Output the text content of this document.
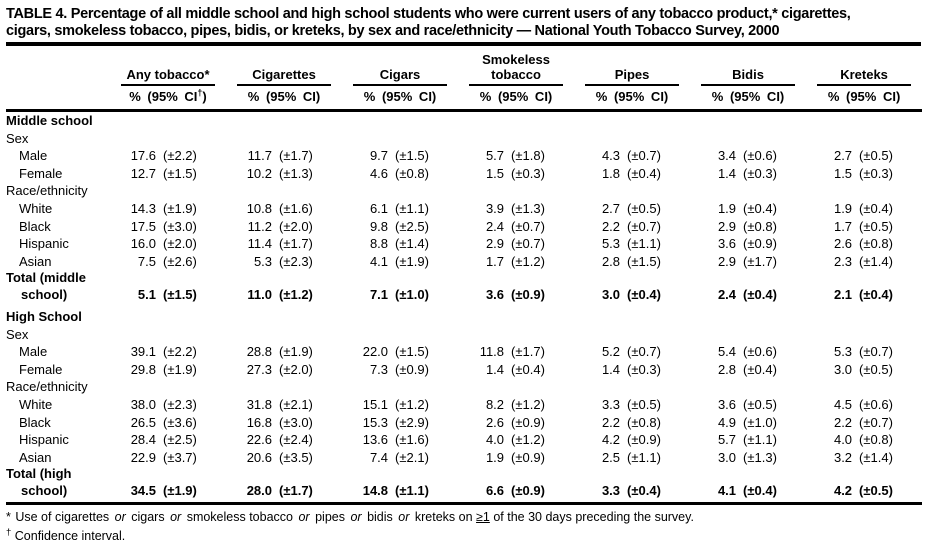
TABLE 4. Percentage of all middle school and high school students who were current users of any tobacco product,* cigarettes,
cigars, smokeless tobacco, pipes, bidis, or kreteks, by sex and race/ethnicity — National Youth Tobacco Survey, 2000

	Any tobacco*		Cigarettes		Cigars		Smokeless
tobacco		Pipes		Bidis		Kreteks	

	% (95% CI†)		% (95% CI)		% (95% CI)		% (95% CI)		% (95% CI)		% (95% CI)		% (95% CI)	
Middle school														
Sex														
Male	17.6	(±2.2)	11.7	(±1.7)	9.7	(±1.5)	5.7	(±1.8)	4.3	(±0.7)	3.4	(±0.6)	2.7	(±0.5)
Female	12.7	(±1.5)	10.2	(±1.3)	4.6	(±0.8)	1.5	(±0.3)	1.8	(±0.4)	1.4	(±0.3)	1.5	(±0.3)
Race/ethnicity														
White	14.3	(±1.9)	10.8	(±1.6)	6.1	(±1.1)	3.9	(±1.3)	2.7	(±0.5)	1.9	(±0.4)	1.9	(±0.4)
Black	17.5	(±3.0)	11.2	(±2.0)	9.8	(±2.5)	2.4	(±0.7)	2.2	(±0.7)	2.9	(±0.8)	1.7	(±0.5)
Hispanic	16.0	(±2.0)	11.4	(±1.7)	8.8	(±1.4)	2.9	(±0.7)	5.3	(±1.1)	3.6	(±0.9)	2.6	(±0.8)
Asian	7.5	(±2.6)	5.3	(±2.3)	4.1	(±1.9)	1.7	(±1.2)	2.8	(±1.5)	2.9	(±1.7)	2.3	(±1.4)
Total (middle school)	5.1	(±1.5)	11.0	(±1.2)	7.1	(±1.0)	3.6	(±0.9)	3.0	(±0.4)	2.4	(±0.4)	2.1	(±0.4)
High School														
Sex														
Male	39.1	(±2.2)	28.8	(±1.9)	22.0	(±1.5)	11.8	(±1.7)	5.2	(±0.7)	5.4	(±0.6)	5.3	(±0.7)
Female	29.8	(±1.9)	27.3	(±2.0)	7.3	(±0.9)	1.4	(±0.4)	1.4	(±0.3)	2.8	(±0.4)	3.0	(±0.5)
Race/ethnicity														
White	38.0	(±2.3)	31.8	(±2.1)	15.1	(±1.2)	8.2	(±1.2)	3.3	(±0.5)	3.6	(±0.5)	4.5	(±0.6)
Black	26.5	(±3.6)	16.8	(±3.0)	15.3	(±2.9)	2.6	(±0.9)	2.2	(±0.8)	4.9	(±1.0)	2.2	(±0.7)
Hispanic	28.4	(±2.5)	22.6	(±2.4)	13.6	(±1.6)	4.0	(±1.2)	4.2	(±0.9)	5.7	(±1.1)	4.0	(±0.8)
Asian	22.9	(±3.7)	20.6	(±3.5)	7.4	(±2.1)	1.9	(±0.9)	2.5	(±1.1)	3.0	(±1.3)	3.2	(±1.4)
Total (high school)	34.5	(±1.9)	28.0	(±1.7)	14.8	(±1.1)	6.6	(±0.9)	3.3	(±0.4)	4.1	(±0.4)	4.2	(±0.5)
* Use of cigarettes or cigars or smokeless tobacco or pipes or bidis or kreteks on ≥1 of the 30 days preceding the survey.
† Confidence interval.
